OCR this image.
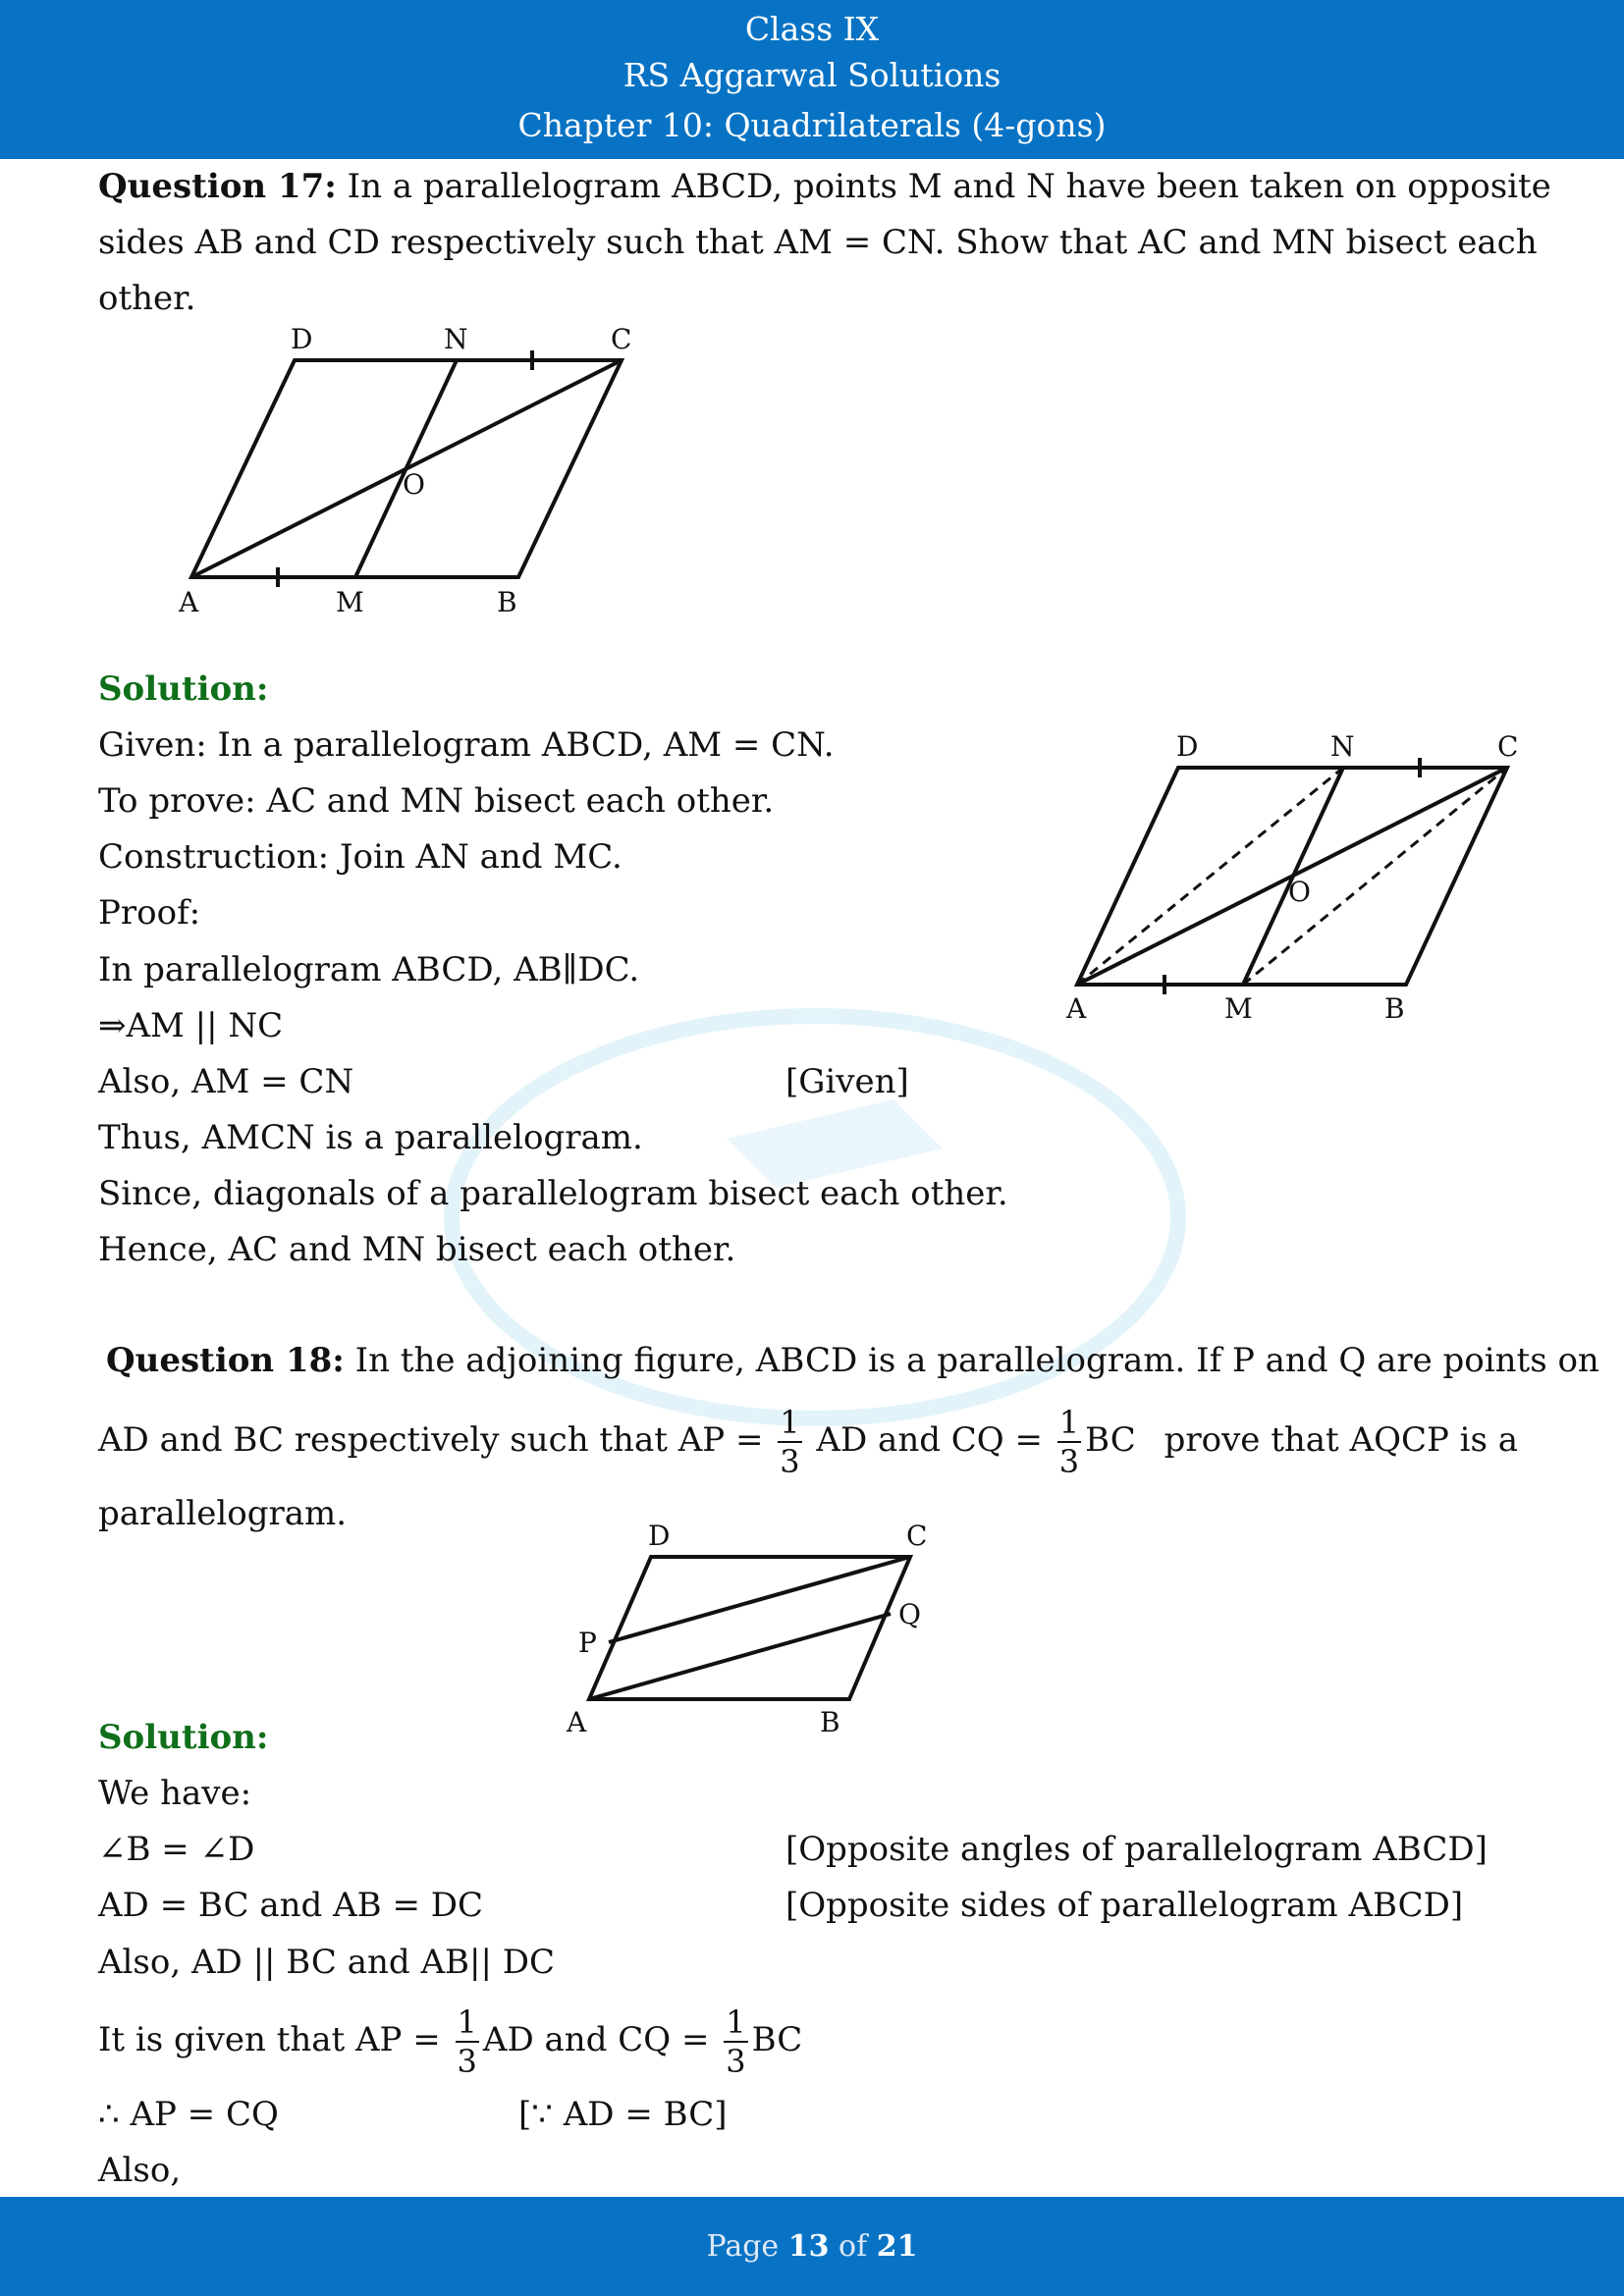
Class IX
RS Aggarwal Solutions
Chapter 10: Quadrilaterals (4-gons)
Question 17: In a parallelogram ABCD, points M and N have been taken on opposite
sides AB and CD respectively such that AM = CN. Show that AC and MN bisect each
other.
D	N	C
O
A	M	B
Solution:
Given: In a parallelogram ABCD, AM = CN.
To prove: AC and MN bisect each other.
Construction: Join AN and MC.
Proof:
In parallelogram ABCD, AB∥DC.
⇒AM || NC
Also, AM = CN	[Given]
Thus, AMCN is a parallelogram.
Since, diagonals of a parallelogram bisect each other.
Hence, AC and MN bisect each other.
D	N	C
O
A	M	B
Question 18: In the adjoining figure, ABCD is a parallelogram. If P and Q are points on
AD and BC respectively such that AP = $\frac{1}{3}$ AD and CQ = $\frac{1}{3}$ BC prove that AQCP is a
parallelogram.
D	C
P
Q
A	B
Solution:
We have:
∠B = ∠D	[Opposite angles of parallelogram ABCD]
AD = BC and AB = DC	[Opposite sides of parallelogram ABCD]
Also, AD || BC and AB|| DC
It is given that AP = $\frac{1}{3}$ AD and CQ = $\frac{1}{3}$ BC
∴ AP = CQ	[∵ AD = BC]
Also,
Page 13 of 21
